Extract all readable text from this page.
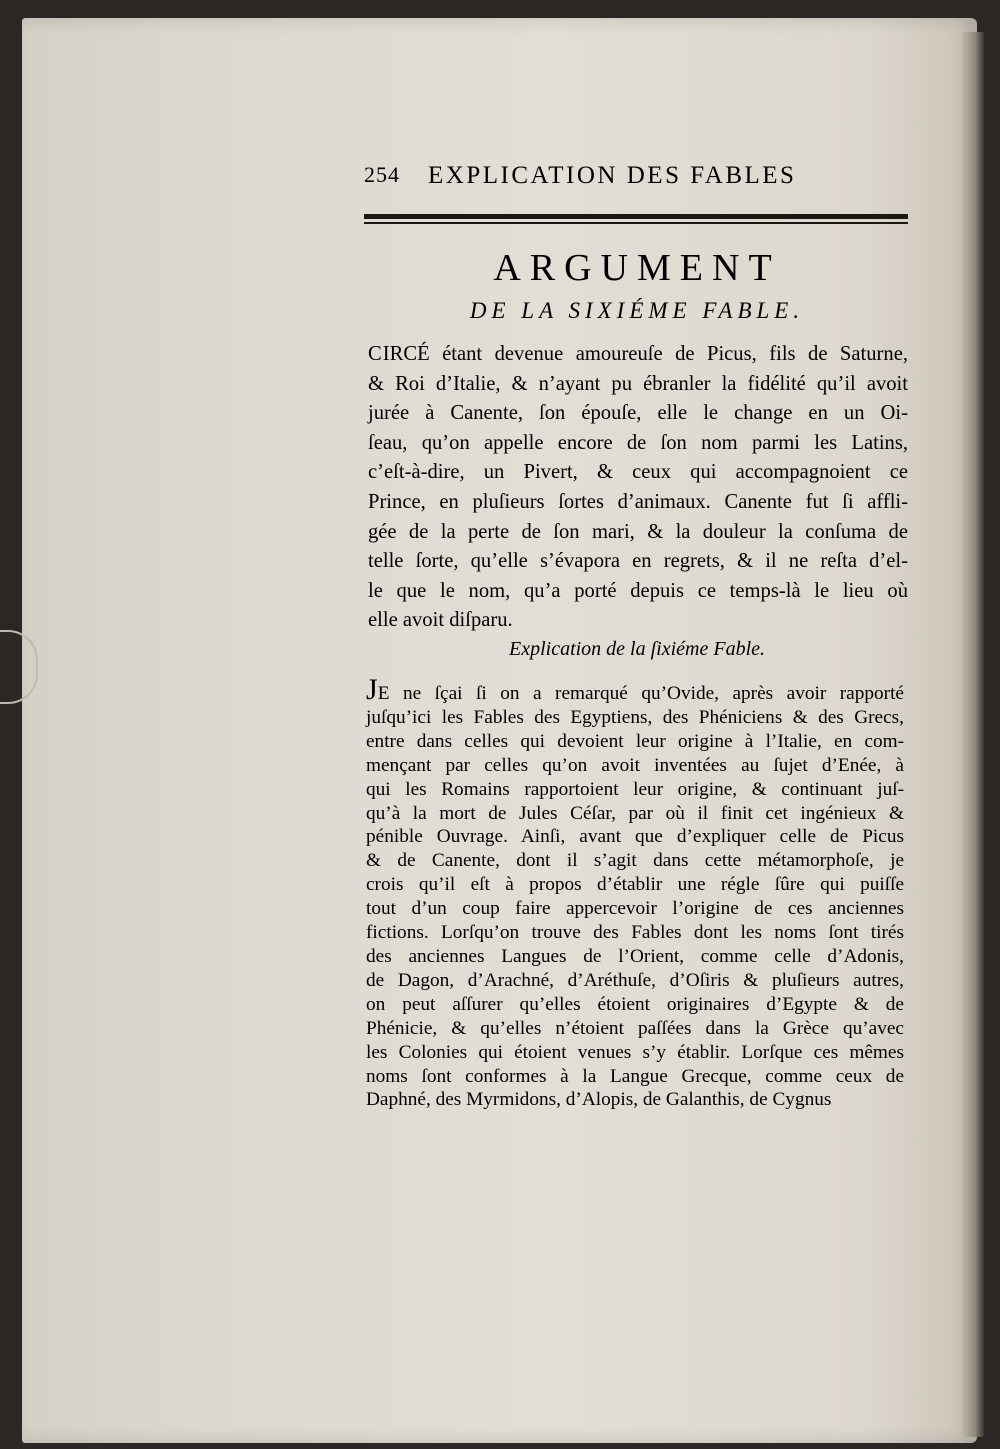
254 EXPLICATION DES FABLES
ARGUMENT
DE LA SIXIÉME FABLE.
CIRCÉ étant devenue amoureuſe de Picus, fils de Saturne,
& Roi d’Italie, & n’ayant pu ébranler la fidélité qu’il avoit
jurée à Canente, ſon épouſe, elle le change en un Oi-
ſeau, qu’on appelle encore de ſon nom parmi les Latins,
c’eſt-à-dire, un Pivert, & ceux qui accompagnoient ce
Prince, en pluſieurs ſortes d’animaux. Canente fut ſi affli-
gée de la perte de ſon mari, & la douleur la conſuma de
telle ſorte, qu’elle s’évapora en regrets, & il ne reſta d’el-
le que le nom, qu’a porté depuis ce temps-là le lieu où
elle avoit diſparu.
Explication de la ſixiéme Fable.
JE ne ſçai ſi on a remarqué qu’Ovide, après avoir rapporté
juſqu’ici les Fables des Egyptiens, des Phéniciens & des Grecs,
entre dans celles qui devoient leur origine à l’Italie, en com-
mençant par celles qu’on avoit inventées au ſujet d’Enée, à
qui les Romains rapportoient leur origine, & continuant juſ-
qu’à la mort de Jules Céſar, par où il finit cet ingénieux &
pénible Ouvrage. Ainſi, avant que d’expliquer celle de Picus
& de Canente, dont il s’agit dans cette métamorphoſe, je
crois qu’il eſt à propos d’établir une régle ſûre qui puiſſe
tout d’un coup faire appercevoir l’origine de ces anciennes
fictions. Lorſqu’on trouve des Fables dont les noms ſont tirés
des anciennes Langues de l’Orient, comme celle d’Adonis,
de Dagon, d’Arachné, d’Aréthuſe, d’Oſiris & pluſieurs autres,
on peut aſſurer qu’elles étoient originaires d’Egypte & de
Phénicie, & qu’elles n’étoient paſſées dans la Grèce qu’avec
les Colonies qui étoient venues s’y établir. Lorſque ces mêmes
noms ſont conformes à la Langue Grecque, comme ceux de
Daphné, des Myrmidons, d’Alopis, de Galanthis, de Cygnus
